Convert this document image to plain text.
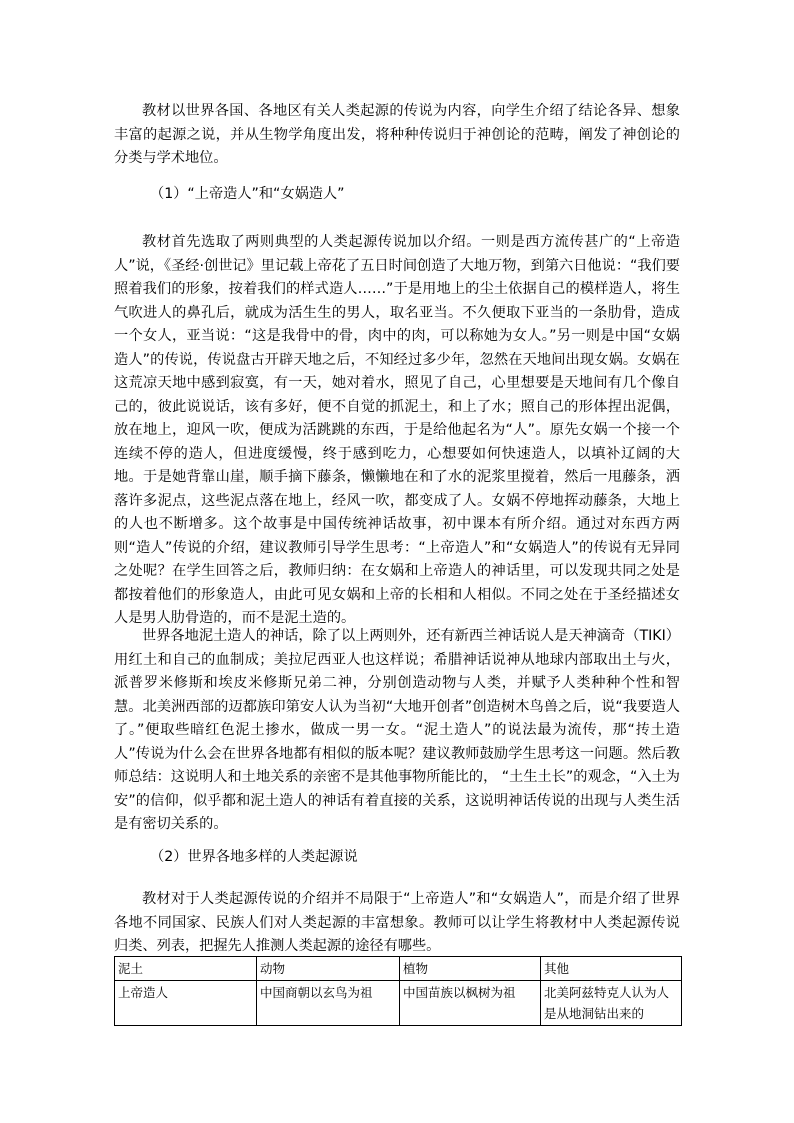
教材以世界各国、各地区有关人类起源的传说为内容，向学生介绍了结论各异、想象丰富的起源之说，并从生物学角度出发，将种种传说归于神创论的范畴，阐发了神创论的分类与学术地位。

（1）“上帝造人”和“女娲造人”

教材首先选取了两则典型的人类起源传说加以介绍。一则是西方流传甚广的“上帝造人”说，《圣经·创世记》里记载上帝花了五日时间创造了大地万物，到第六日他说：“我们要照着我们的形象，按着我们的样式造人……”于是用地上的尘土依据自己的模样造人，将生气吹进人的鼻孔后，就成为活生生的男人，取名亚当。不久便取下亚当的一条肋骨，造成一个女人，亚当说：“这是我骨中的骨，肉中的肉，可以称她为女人。”另一则是中国“女娲造人”的传说，传说盘古开辟天地之后，不知经过多少年，忽然在天地间出现女娲。女娲在这荒凉天地中感到寂寞，有一天，她对着水，照见了自己，心里想要是天地间有几个像自己的，彼此说说话，该有多好，便不自觉的抓泥土，和上了水；照自己的形体捏出泥偶，放在地上，迎风一吹，便成为活跳跳的东西，于是给他起名为“人”。原先女娲一个接一个连续不停的造人，但进度缓慢，终于感到吃力，心想要如何快速造人，以填补辽阔的大地。于是她背靠山崖，顺手摘下藤条，懒懒地在和了水的泥浆里搅着，然后一甩藤条，洒落许多泥点，这些泥点落在地上，经风一吹，都变成了人。女娲不停地挥动藤条，大地上的人也不断增多。这个故事是中国传统神话故事，初中课本有所介绍。通过对东西方两则“造人”传说的介绍，建议教师引导学生思考：“上帝造人”和“女娲造人”的传说有无异同之处呢？在学生回答之后，教师归纳：在女娲和上帝造人的神话里，可以发现共同之处是都按着他们的形象造人，由此可见女娲和上帝的长相和人相似。不同之处在于圣经描述女人是男人肋骨造的，而不是泥土造的。

世界各地泥土造人的神话，除了以上两则外，还有新西兰神话说人是天神滴奇（TIKI）用红土和自己的血制成；美拉尼西亚人也这样说；希腊神话说神从地球内部取出土与火，派普罗米修斯和埃皮米修斯兄弟二神，分别创造动物与人类，并赋予人类种种个性和智慧。北美洲西部的迈都族印第安人认为当初“大地开创者”创造树木鸟兽之后，说“我要造人了。”便取些暗红色泥土掺水，做成一男一女。“泥土造人”的说法最为流传，那“抟土造人”传说为什么会在世界各地都有相似的版本呢？建议教师鼓励学生思考这一问题。然后教师总结：这说明人和土地关系的亲密不是其他事物所能比的， “土生土长”的观念，“入土为安”的信仰，似乎都和泥土造人的神话有着直接的关系，这说明神话传说的出现与人类生活是有密切关系的。

（2）世界各地多样的人类起源说

教材对于人类起源传说的介绍并不局限于“上帝造人”和“女娲造人”，而是介绍了世界各地不同国家、民族人们对人类起源的丰富想象。教师可以让学生将教材中人类起源传说归类、列表，把握先人推测人类起源的途径有哪些。

泥土	动物	植物	其他
上帝造人	中国商朝以玄鸟为祖	中国苗族以枫树为祖	北美阿兹特克人认为人是从地洞钻出来的
